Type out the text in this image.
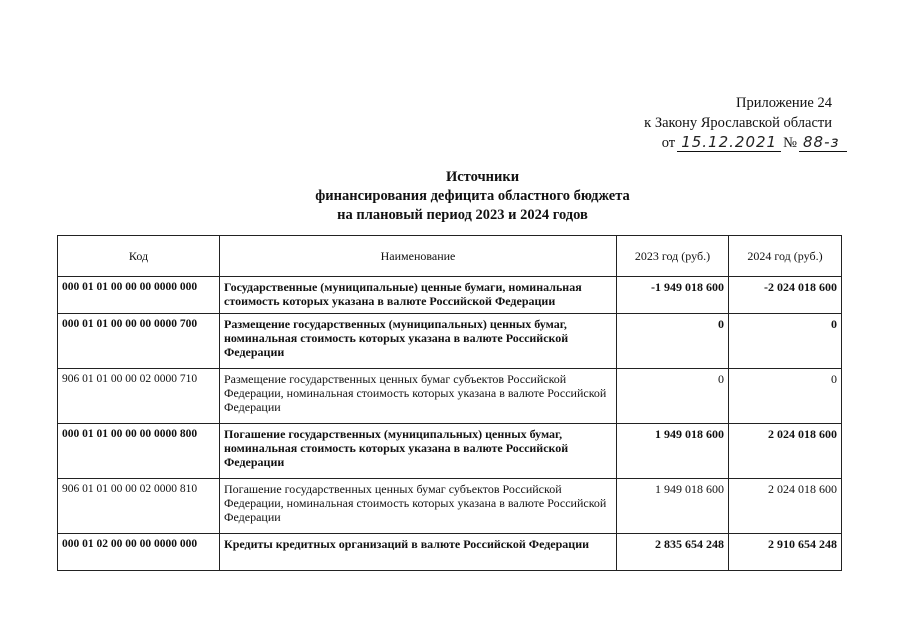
Приложение 24
к Закону Ярославской области
от 15.12.2021 № 88-з
Источники
финансирования дефицита областного бюджета
на плановый период 2023 и 2024 годов
Код	Наименование	2023 год (руб.)	2024 год (руб.)
000 01 01 00 00 00 0000 000	Государственные (муниципальные) ценные бумаги, номинальная стоимость которых указана в валюте Российской Федерации	-1 949 018 600	-2 024 018 600
000 01 01 00 00 00 0000 700	Размещение государственных (муниципальных) ценных бумаг, номинальная стоимость которых указана в валюте Российской Федерации	0	0
906 01 01 00 00 02 0000 710	Размещение государственных ценных бумаг субъектов Российской Федерации, номинальная стоимость которых указана в валюте Российской Федерации	0	0
000 01 01 00 00 00 0000 800	Погашение государственных (муниципальных) ценных бумаг, номинальная стоимость которых указана в валюте Российской Федерации	1 949 018 600	2 024 018 600
906 01 01 00 00 02 0000 810	Погашение государственных ценных бумаг субъектов Российской Федерации, номинальная стоимость которых указана в валюте Российской Федерации	1 949 018 600	2 024 018 600
000 01 02 00 00 00 0000 000	Кредиты кредитных организаций в валюте Российской Федерации	2 835 654 248	2 910 654 248
